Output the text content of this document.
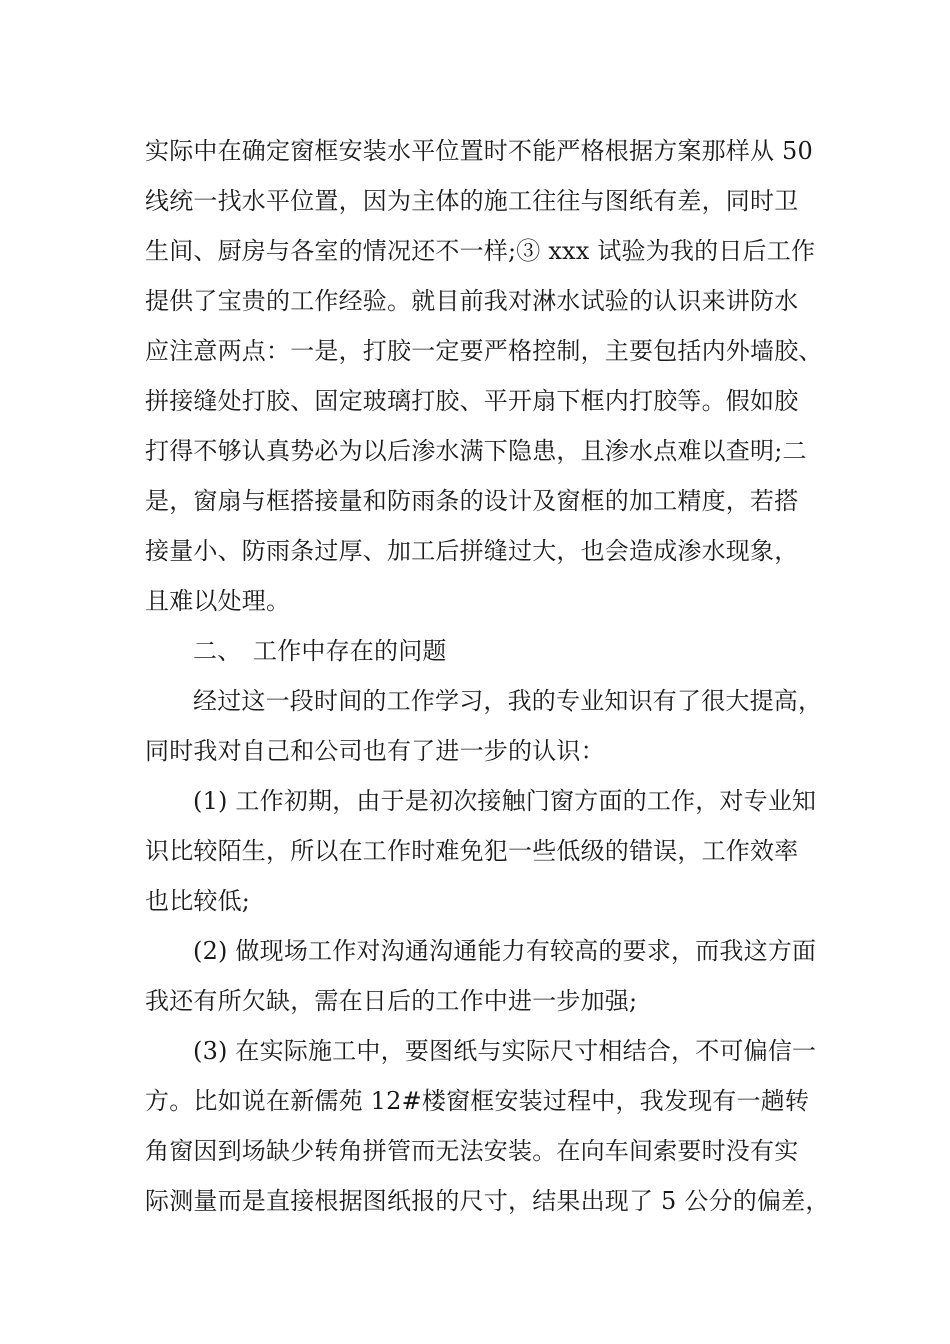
实际中在确定窗框安装水平位置时不能严格根据方案那样从 50
线统一找水平位置，因为主体的施工往往与图纸有差，同时卫
生间、厨房与各室的情况还不一样;③ xxx 试验为我的日后工作
提供了宝贵的工作经验。就目前我对淋水试验的认识来讲防水
应注意两点：一是，打胶一定要严格控制，主要包括内外墙胶、
拼接缝处打胶、固定玻璃打胶、平开扇下框内打胶等。假如胶
打得不够认真势必为以后渗水满下隐患，且渗水点难以查明;二
是，窗扇与框搭接量和防雨条的设计及窗框的加工精度，若搭
接量小、防雨条过厚、加工后拼缝过大，也会造成渗水现象，
且难以处理。
二、 工作中存在的问题
经过这一段时间的工作学习，我的专业知识有了很大提高，
同时我对自己和公司也有了进一步的认识：
(1) 工作初期，由于是初次接触门窗方面的工作，对专业知
识比较陌生，所以在工作时难免犯一些低级的错误，工作效率
也比较低;
(2) 做现场工作对沟通沟通能力有较高的要求，而我这方面
我还有所欠缺，需在日后的工作中进一步加强;
(3) 在实际施工中，要图纸与实际尺寸相结合，不可偏信一
方。比如说在新儒苑 12#楼窗框安装过程中，我发现有一趟转
角窗因到场缺少转角拼管而无法安装。在向车间索要时没有实
际测量而是直接根据图纸报的尺寸，结果出现了 5 公分的偏差，
